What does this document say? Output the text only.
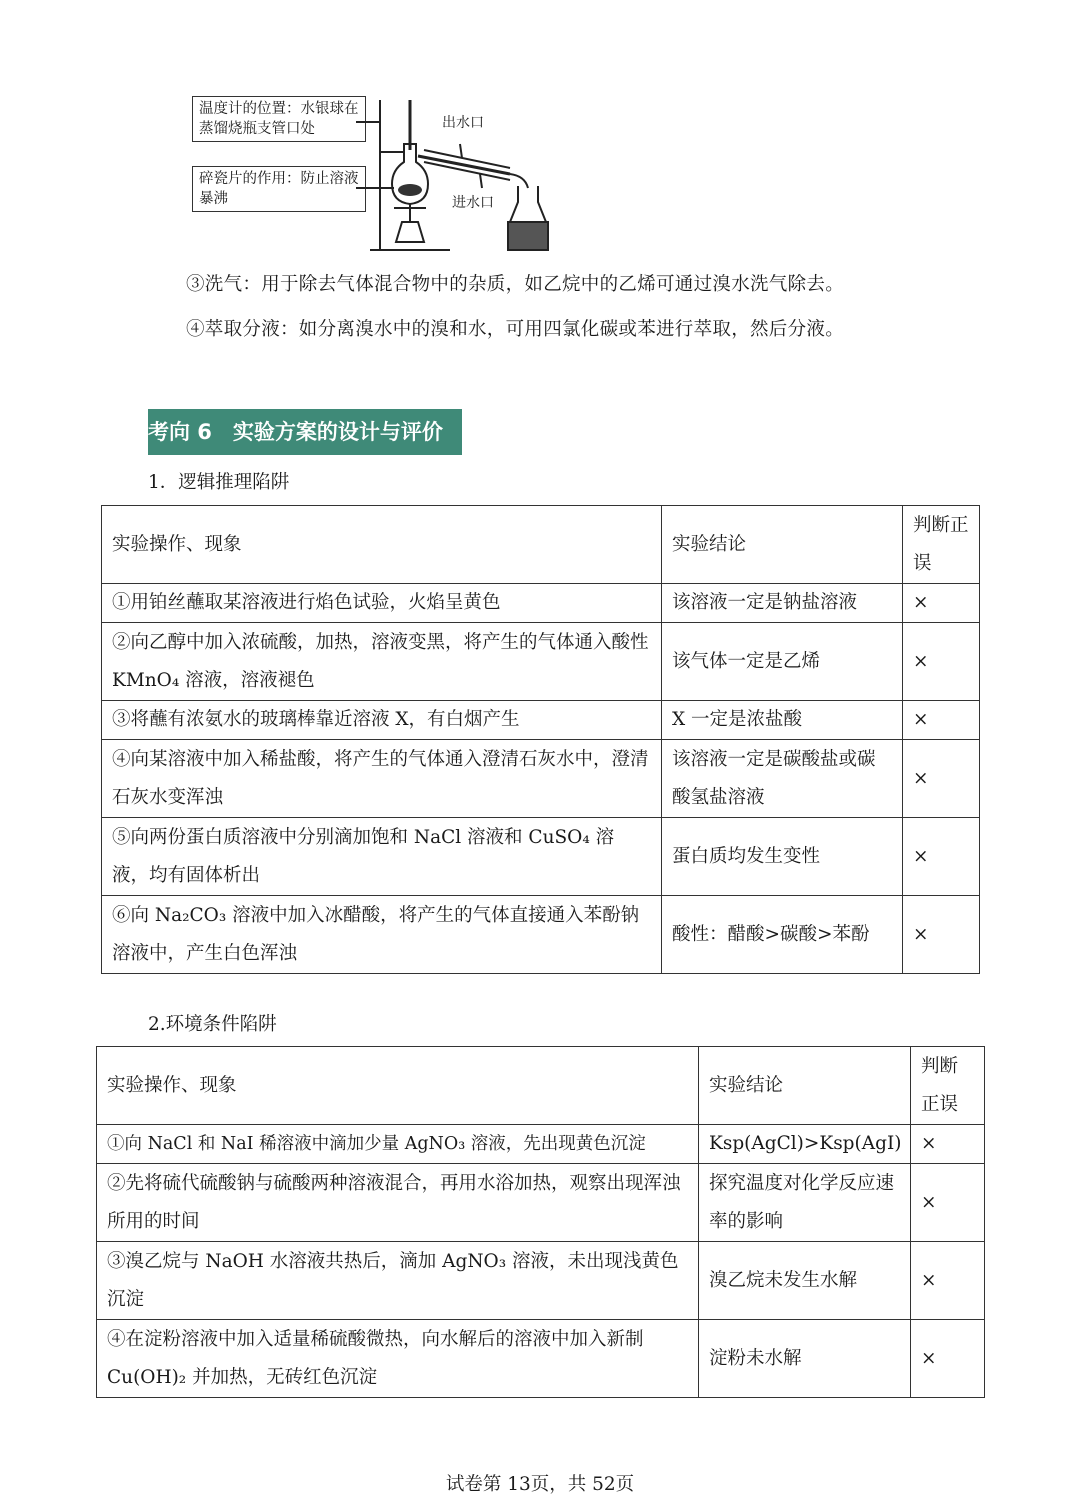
温度计的位置：水银球在蒸馏烧瓶支管口处
碎瓷片的作用：防止溶液暴沸
出水口
进水口
③洗气：用于除去气体混合物中的杂质，如乙烷中的乙烯可通过溴水洗气除去。
④萃取分液：如分离溴水中的溴和水，可用四氯化碳或苯进行萃取，然后分液。
考向 6　实验方案的设计与评价
1．逻辑推理陷阱
实验操作、现象	实验结论	判断正误
①用铂丝蘸取某溶液进行焰色试验，火焰呈黄色	该溶液一定是钠盐溶液	×
②向乙醇中加入浓硫酸，加热，溶液变黑，将产生的气体通入酸性 KMnO₄ 溶液，溶液褪色	该气体一定是乙烯	×
③将蘸有浓氨水的玻璃棒靠近溶液 X，有白烟产生	X 一定是浓盐酸	×
④向某溶液中加入稀盐酸，将产生的气体通入澄清石灰水中，澄清石灰水变浑浊	该溶液一定是碳酸盐或碳酸氢盐溶液	×
⑤向两份蛋白质溶液中分别滴加饱和 NaCl 溶液和 CuSO₄ 溶液，均有固体析出	蛋白质均发生变性	×
⑥向 Na₂CO₃ 溶液中加入冰醋酸，将产生的气体直接通入苯酚钠溶液中，产生白色浑浊	酸性：醋酸>碳酸>苯酚	×
2.环境条件陷阱
实验操作、现象	实验结论	判断正误
①向 NaCl 和 NaI 稀溶液中滴加少量 AgNO₃ 溶液，先出现黄色沉淀	Ksp(AgCl)>Ksp(AgI)	×
②先将硫代硫酸钠与硫酸两种溶液混合，再用水浴加热，观察出现浑浊所用的时间	探究温度对化学反应速率的影响	×
③溴乙烷与 NaOH 水溶液共热后，滴加 AgNO₃ 溶液，未出现浅黄色沉淀	溴乙烷未发生水解	×
④在淀粉溶液中加入适量稀硫酸微热，向水解后的溶液中加入新制 Cu(OH)₂ 并加热，无砖红色沉淀	淀粉未水解	×
试卷第 13页，共 52页
